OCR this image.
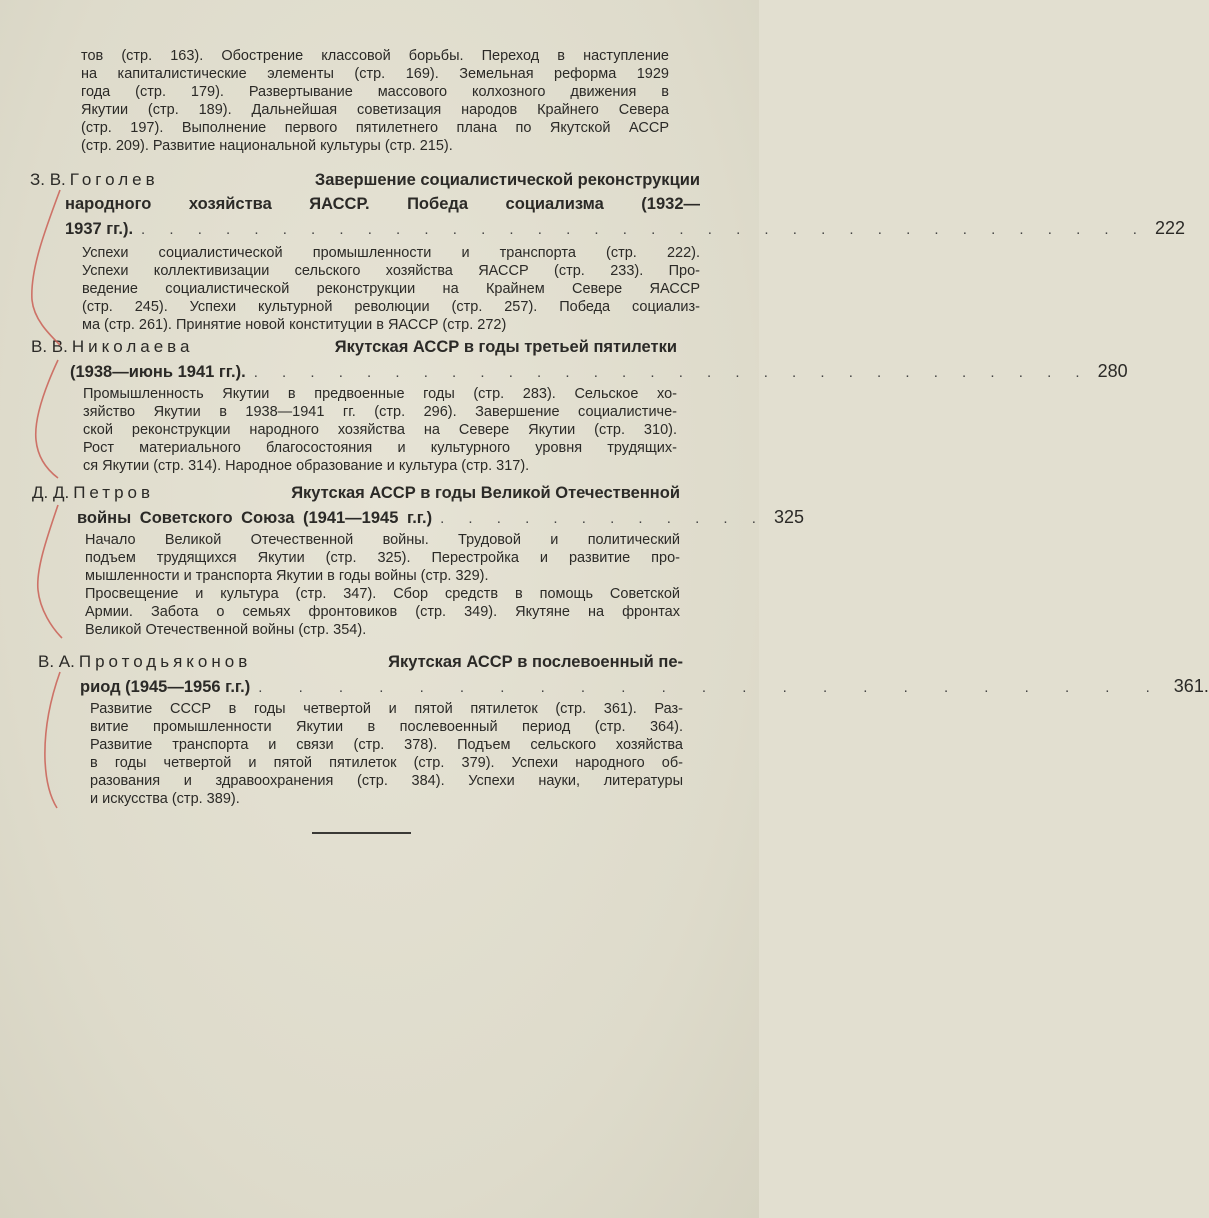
тов (стр. 163). Обострение классовой борьбы. Переход в наступление
на капиталистические элементы (стр. 169). Земельная реформа 1929
года (стр. 179). Развертывание массового колхозного движения в
Якутии (стр. 189). Дальнейшая советизация народов Крайнего Севера
(стр. 197). Выполнение первого пятилетнего плана по Якутской АССР
(стр. 209). Развитие национальной культуры (стр. 215).
З. В. Гоголев	Завершение социалистической реконструкции
народного хозяйства ЯАССР. Победа социализма (1932—
1937 гг.). . . . . . . . . . . . . . . . . . . . . . . . . . . . . . . . . . . . . 222
Успехи социалистической промышленности и транспорта (стр. 222).
Успехи коллективизации сельского хозяйства ЯАССР (стр. 233). Про-
ведение социалистической реконструкции на Крайнем Севере ЯАССР
(стр. 245). Успехи культурной революции (стр. 257). Победа социализ-
ма (стр. 261). Принятие новой конституции в ЯАССР (стр. 272)
В. В. Николаева	Якутская АССР в годы третьей пятилетки
(1938—июнь 1941 гг.). . . . . . . . . . . . . . . . . . . . . . . . . . . . . . . 280
Промышленность Якутии в предвоенные годы (стр. 283). Сельское хо-
зяйство Якутии в 1938—1941 гг. (стр. 296). Завершение социалистиче-
ской реконструкции народного хозяйства на Севере Якутии (стр. 310).
Рост материального благосостояния и культурного уровня трудящих-
ся Якутии (стр. 314). Народное образование и культура (стр. 317).
Д. Д. Петров	Якутская АССР в годы Великой Отечественной
войны Советского Союза (1941—1945 г.г.) . . . . . . . . . . . . 325
Начало Великой Отечественной войны. Трудовой и политический
подъем трудящихся Якутии (стр. 325). Перестройка и развитие про-
мышленности и транспорта Якутии в годы войны (стр. 329).
Просвещение и культура (стр. 347). Сбор средств в помощь Советской
Армии. Забота о семьях фронтовиков (стр. 349). Якутяне на фронтах
Великой Отечественной войны (стр. 354).
В. А. Протодьяконов	Якутская АССР в послевоенный пе-
риод (1945—1956 г.г.) . . . . . . . . . . . . . . . . . . . . . . . 361.
Развитие СССР в годы четвертой и пятой пятилеток (стр. 361). Раз-
витие промышленности Якутии в послевоенный период (стр. 364).
Развитие транспорта и связи (стр. 378). Подъем сельского хозяйства
в годы четвертой и пятой пятилеток (стр. 379). Успехи народного об-
разования и здравоохранения (стр. 384). Успехи науки, литературы
и искусства (стр. 389).
